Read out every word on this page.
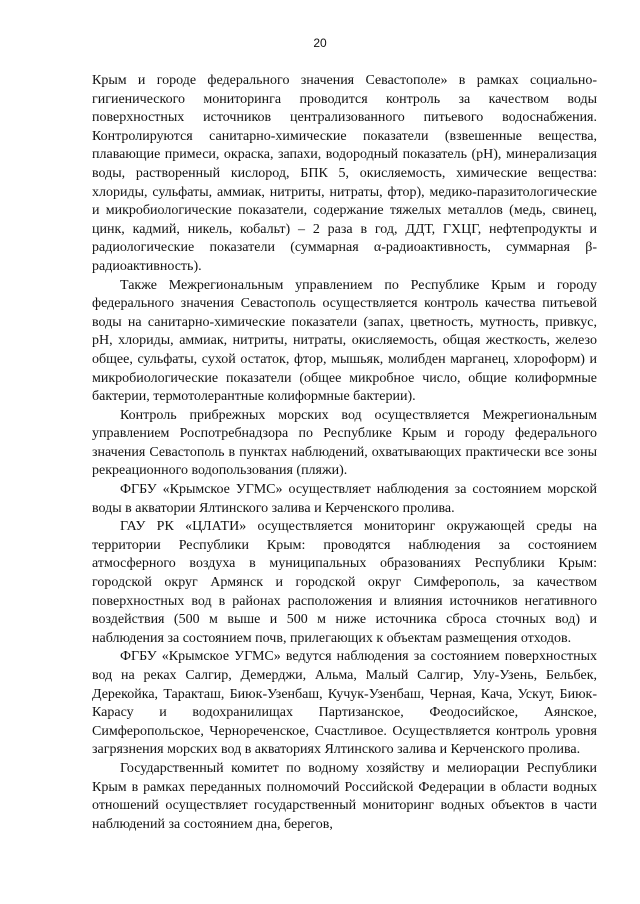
20

Крым и городе федерального значения Севастополе» в рамках социально-гигиенического мониторинга проводится контроль за качеством воды поверхностных источников централизованного питьевого водоснабжения. Контролируются санитарно-химические показатели (взвешенные вещества, плавающие примеси, окраска, запахи, водородный показатель (рН), минерализация воды, растворенный кислород, БПК 5, окисляемость, химические вещества: хлориды, сульфаты, аммиак, нитриты, нитраты, фтор), медико-паразитологические и микробиологические показатели, содержание тяжелых металлов (медь, свинец, цинк, кадмий, никель, кобальт) – 2 раза в год, ДДТ, ГХЦГ, нефтепродукты и радиологические показатели (суммарная α-радиоактивность, суммарная β-радиоактивность).

Также Межрегиональным управлением по Республике Крым и городу федерального значения Севастополь осуществляется контроль качества питьевой воды на санитарно-химические показатели (запах, цветность, мутность, привкус, рН, хлориды, аммиак, нитриты, нитраты, окисляемость, общая жесткость, железо общее, сульфаты, сухой остаток, фтор, мышьяк, молибден марганец, хлороформ) и микробиологические показатели (общее микробное число, общие колиформные бактерии, термотолерантные колиформные бактерии).

Контроль прибрежных морских вод осуществляется Межрегиональным управлением Роспотребнадзора по Республике Крым и городу федерального значения Севастополь в пунктах наблюдений, охватывающих практически все зоны рекреационного водопользования (пляжи).

ФГБУ «Крымское УГМС» осуществляет наблюдения за состоянием морской воды в акватории Ялтинского залива и Керченского пролива.

ГАУ РК «ЦЛАТИ» осуществляется мониторинг окружающей среды на территории Республики Крым: проводятся наблюдения за состоянием атмосферного воздуха в муниципальных образованиях Республики Крым: городской округ Армянск и городской округ Симферополь, за качеством поверхностных вод в районах расположения и влияния источников негативного воздействия (500 м выше и 500 м ниже источника сброса сточных вод) и наблюдения за состоянием почв, прилегающих к объектам размещения отходов.

ФГБУ «Крымское УГМС» ведутся наблюдения за состоянием поверхностных вод на реках Салгир, Демерджи, Альма, Малый Салгир, Улу-Узень, Бельбек, Дерекойка, Таракташ, Биюк-Узенбаш, Кучук-Узенбаш, Черная, Кача, Ускут, Биюк-Карасу и водохранилищах Партизанское, Феодосийское, Аянское, Симферопольское, Чернореченское, Счастливое. Осуществляется контроль уровня загрязнения морских вод в акваториях Ялтинского залива и Керченского пролива.

Государственный комитет по водному хозяйству и мелиорации Республики Крым в рамках переданных полномочий Российской Федерации в области водных отношений осуществляет государственный мониторинг водных объектов в части наблюдений за состоянием дна, берегов,
